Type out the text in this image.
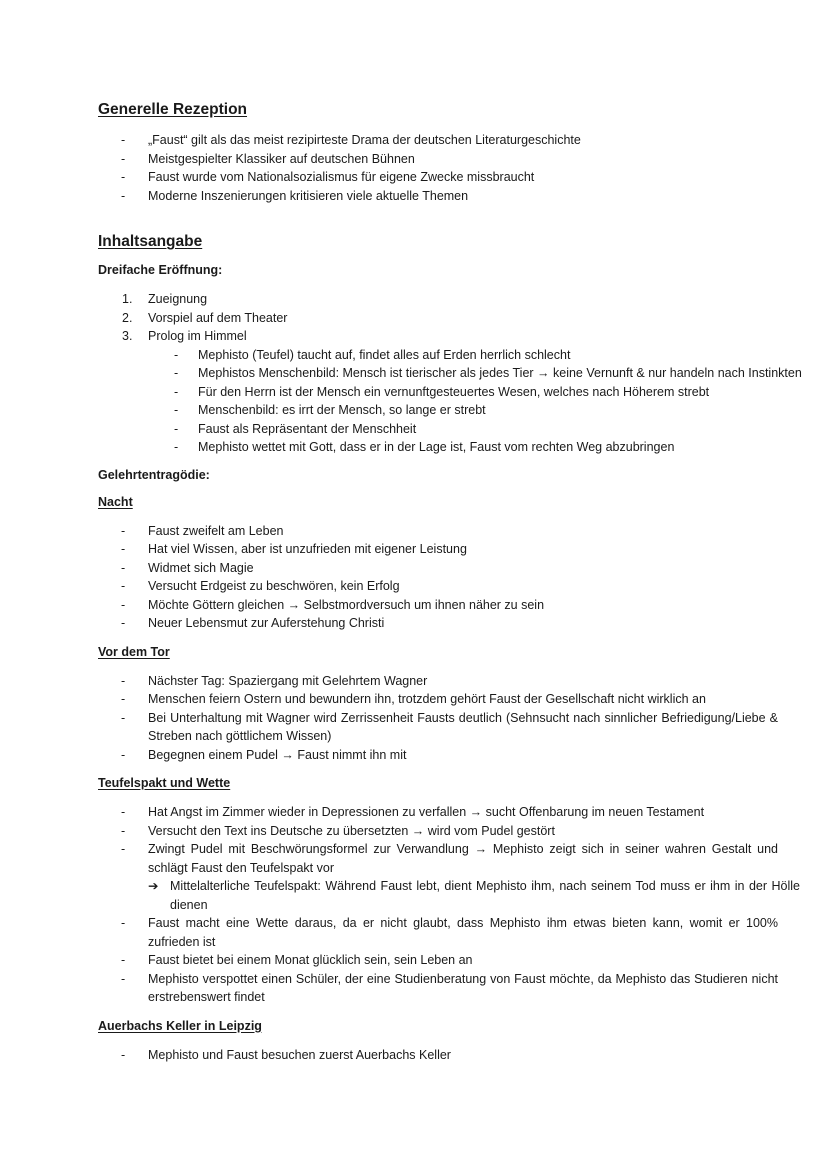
Generelle Rezeption
- „Faust“ gilt als das meist rezipirteste Drama der deutschen Literaturgeschichte
- Meistgespielter Klassiker auf deutschen Bühnen
- Faust wurde vom Nationalsozialismus für eigene Zwecke missbraucht
- Moderne Inszenierungen kritisieren viele aktuelle Themen
Inhaltsangabe
Dreifache Eröffnung:
1. Zueignung
2. Vorspiel auf dem Theater
3. Prolog im Himmel
- Mephisto (Teufel) taucht auf, findet alles auf Erden herrlich schlecht
- Mephistos Menschenbild: Mensch ist tierischer als jedes Tier → keine Vernunft & nur handeln nach Instinkten
- Für den Herrn ist der Mensch ein vernunftgesteuertes Wesen, welches nach Höherem strebt
- Menschenbild: es irrt der Mensch, so lange er strebt
- Faust als Repräsentant der Menschheit
- Mephisto wettet mit Gott, dass er in der Lage ist, Faust vom rechten Weg abzubringen
Gelehrtentragödie:
Nacht
- Faust zweifelt am Leben
- Hat viel Wissen, aber ist unzufrieden mit eigener Leistung
- Widmet sich Magie
- Versucht Erdgeist zu beschwören, kein Erfolg
- Möchte Göttern gleichen → Selbstmordversuch um ihnen näher zu sein
- Neuer Lebensmut zur Auferstehung Christi
Vor dem Tor
- Nächster Tag: Spaziergang mit Gelehrtem Wagner
- Menschen feiern Ostern und bewundern ihn, trotzdem gehört Faust der Gesellschaft nicht wirklich an
- Bei Unterhaltung mit Wagner wird Zerrissenheit Fausts deutlich (Sehnsucht nach sinnlicher Befriedigung/Liebe & Streben nach göttlichem Wissen)
- Begegnen einem Pudel → Faust nimmt ihn mit
Teufelspakt und Wette
- Hat Angst im Zimmer wieder in Depressionen zu verfallen → sucht Offenbarung im neuen Testament
- Versucht den Text ins Deutsche zu übersetzten → wird vom Pudel gestört
- Zwingt Pudel mit Beschwörungsformel zur Verwandlung → Mephisto zeigt sich in seiner wahren Gestalt und schlägt Faust den Teufelspakt vor
➔ Mittelalterliche Teufelspakt: Während Faust lebt, dient Mephisto ihm, nach seinem Tod muss er ihm in der Hölle dienen
- Faust macht eine Wette daraus, da er nicht glaubt, dass Mephisto ihm etwas bieten kann, womit er 100% zufrieden ist
- Faust bietet bei einem Monat glücklich sein, sein Leben an
- Mephisto verspottet einen Schüler, der eine Studienberatung von Faust möchte, da Mephisto das Studieren nicht erstrebenswert findet
Auerbachs Keller in Leipzig
- Mephisto und Faust besuchen zuerst Auerbachs Keller
